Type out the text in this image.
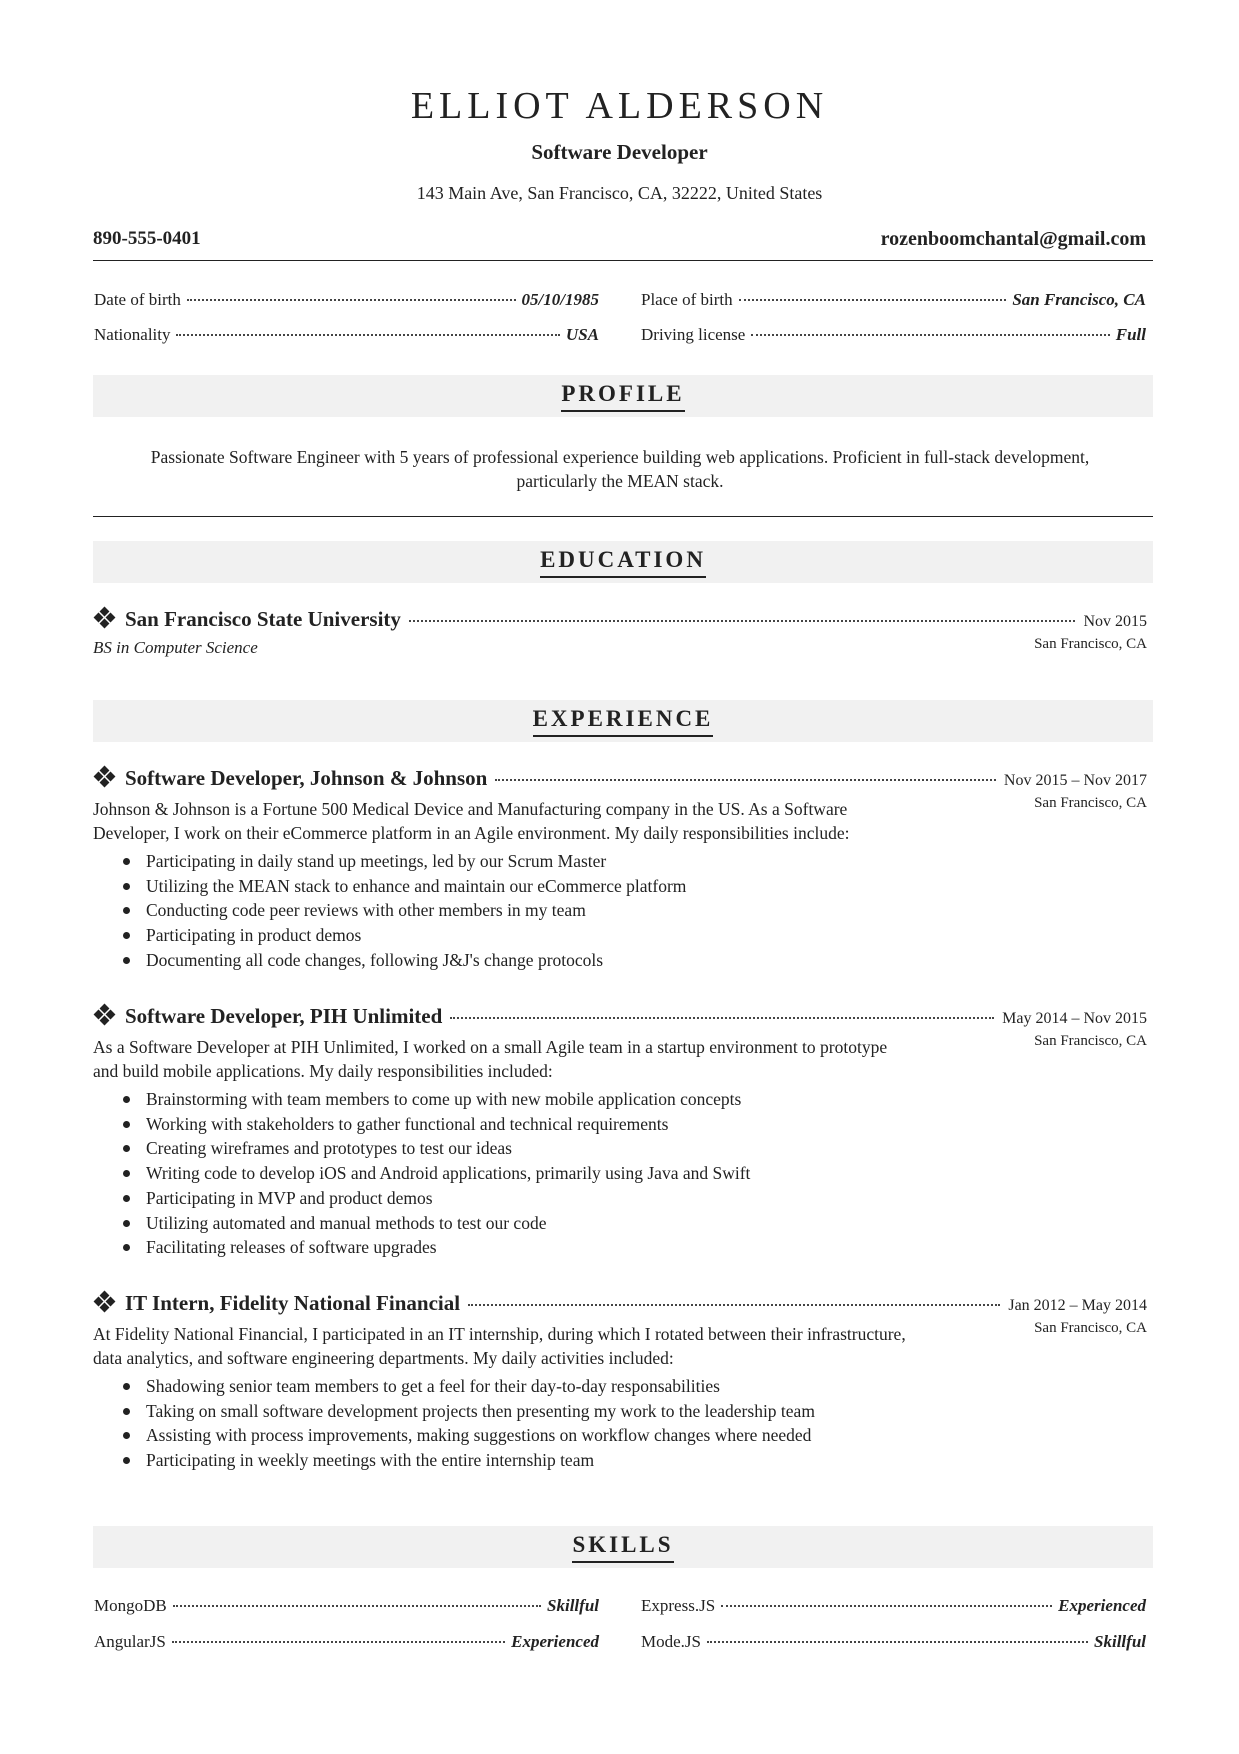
ELLIOT ALDERSON
Software Developer
143 Main Ave, San Francisco, CA, 32222, United States
890-555-0401	rozenboomchantal@gmail.com
Date of birth	05/10/1985 Place of birth	San Francisco, CA
Nationality	USA Driving license	Full
PROFILE
Passionate Software Engineer with 5 years of professional experience building web applications. Proficient in full-stack development, particularly the MEAN stack.
EDUCATION
San Francisco State University	Nov 2015
San Francisco, CA
BS in Computer Science
EXPERIENCE
Software Developer, Johnson & Johnson	Nov 2015 – Nov 2017
San Francisco, CA
Johnson & Johnson is a Fortune 500 Medical Device and Manufacturing company in the US. As a Software Developer, I work on their eCommerce platform in an Agile environment. My daily responsibilities include:
Participating in daily stand up meetings, led by our Scrum Master
Utilizing the MEAN stack to enhance and maintain our eCommerce platform
Conducting code peer reviews with other members in my team
Participating in product demos
Documenting all code changes, following J&J's change protocols
Software Developer, PIH Unlimited	May 2014 – Nov 2015
San Francisco, CA
As a Software Developer at PIH Unlimited, I worked on a small Agile team in a startup environment to prototype and build mobile applications. My daily responsibilities included:
Brainstorming with team members to come up with new mobile application concepts
Working with stakeholders to gather functional and technical requirements
Creating wireframes and prototypes to test our ideas
Writing code to develop iOS and Android applications, primarily using Java and Swift
Participating in MVP and product demos
Utilizing automated and manual methods to test our code
Facilitating releases of software upgrades
IT Intern, Fidelity National Financial	Jan 2012 – May 2014
San Francisco, CA
At Fidelity National Financial, I participated in an IT internship, during which I rotated between their infrastructure, data analytics, and software engineering departments. My daily activities included:
Shadowing senior team members to get a feel for their day-to-day responsabilities
Taking on small software development projects then presenting my work to the leadership team
Assisting with process improvements, making suggestions on workflow changes where needed
Participating in weekly meetings with the entire internship team
SKILLS
MongoDB	Skillful Express.JS	Experienced
AngularJS	Experienced Mode.JS	Skillful
